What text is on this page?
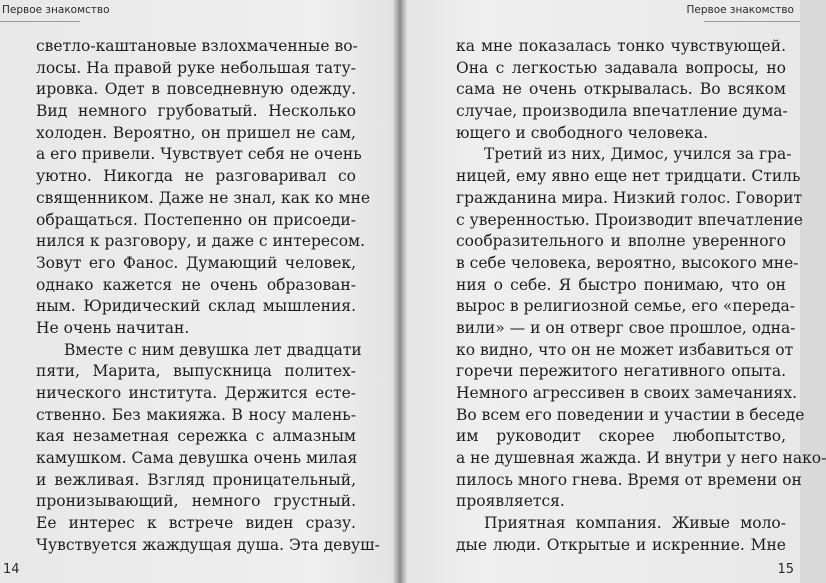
Первое знакомство
светло-каштановые взлохмаченные во-
лосы. На правой руке небольшая тату-
ировка. Одет в повседневную одежду.
Вид немного грубоватый. Несколько
холоден. Вероятно, он пришел не сам,
а его привели. Чувствует себя не очень
уютно. Никогда не разговаривал со
священником. Даже не знал, как ко мне
обращаться. Постепенно он присоеди-
нился к разговору, и даже с интересом.
Зовут его Фанос. Думающий человек,
однако кажется не очень образован-
ным. Юридический склад мышления.
Не очень начитан.
Вместе с ним девушка лет двадцати
пяти, Марита, выпускница политех-
нического института. Держится есте-
ственно. Без макияжа. В носу малень-
кая незаметная сережка с алмазным
камушком. Сама девушка очень милая
и вежливая. Взгляд проницательный,
пронизывающий, немного грустный.
Ее интерес к встрече виден сразу.
Чувствуется жаждущая душа. Эта девуш-
14
Первое знакомство
ка мне показалась тонко чувствующей.
Она с легкостью задавала вопросы, но
сама не очень открывалась. Во всяком
случае, производила впечатление дума-
ющего и свободного человека.
Третий из них, Димос, учился за гра-
ницей, ему явно еще нет тридцати. Стиль
гражданина мира. Низкий голос. Говорит
с уверенностью. Производит впечатление
сообразительного и вполне уверенного
в себе человека, вероятно, высокого мне-
ния о себе. Я быстро понимаю, что он
вырос в религиозной семье, его «переда-
вили» — и он отверг свое прошлое, одна-
ко видно, что он не может избавиться от
горечи пережитого негативного опыта.
Немного агрессивен в своих замечаниях.
Во всем его поведении и участии в беседе
им руководит скорее любопытство,
а не душевная жажда. И внутри у него нако-
пилось много гнева. Время от времени он
проявляется.
Приятная компания. Живые моло-
дые люди. Открытые и искренние. Мне
15
